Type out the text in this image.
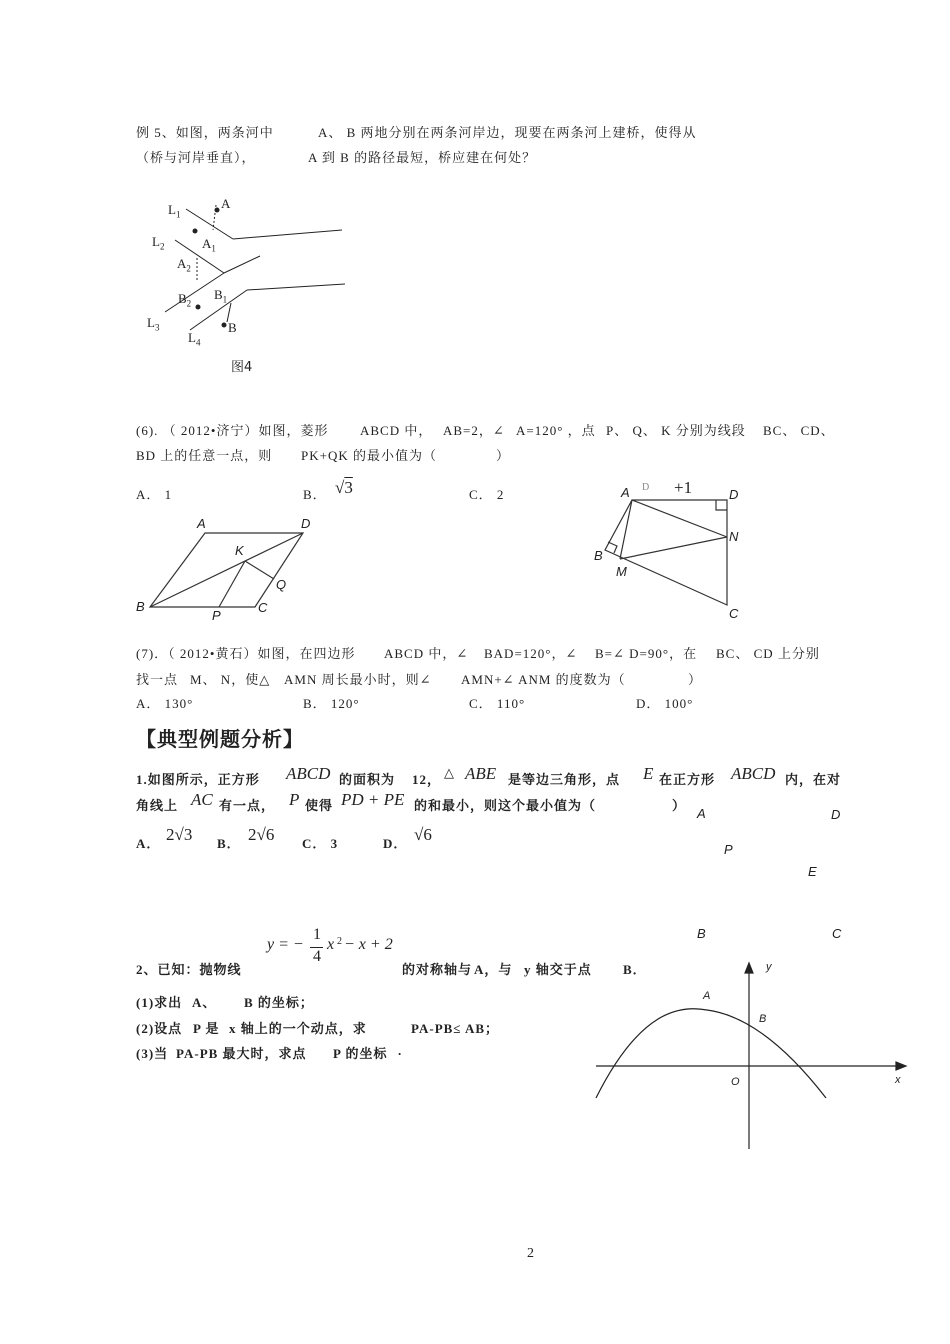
例 5、如图，两条河中	A、 B 两地分别在两条河岸边，现要在两条河上建桥，使得从
（桥与河岸垂直），	A 到 B 的路径最短，桥应建在何处？
$L_1$
A
$L_2$	$A_1$
$A_2$
$B_2$
$B_1$
$L_3$	B
$L_4$
图4
(6). （ 2012•济宁）如图，菱形 ABCD 中， AB=2，∠ A=120° ，点 P、 Q、 K 分别为线段 BC、 CD、
BD 上的任意一点，则 PK+QK 的最小值为（	）
A． 1	B． √3	C． 2	D +1
A	D
K
Q
B
P
C
A	D
N
B
M
C
(7)．（ 2012•黄石）如图，在四边形 ABCD 中，∠ BAD=120°，∠ B=∠ D=90°，在 BC、 CD 上分别
找一点 M、 N，使△ AMN 周长最小时，则∠ AMN+∠ ANM 的度数为（	）
A． 130°	B． 120°	C． 110°	D． 100°
【典型例题分析】
1.如图所示，正方形 ABCD 的面积为 12， △ ABE 是等边三角形，点 E 在正方形 ABCD 内，在对
角线上 AC 有一点， P 使得 PD + PE 的和最小，则这个最小值为（	）
A． 2√3 B． 2√6 C． 3	D． √6
A	D
P
E
B	C
y = −
1
4
x 2 − x + 2
2、已知：抛物线	的对称轴与 A，与 y 轴交于点 B．
(1)求出 A、 B 的坐标；
(2)设点 P 是 x 轴上的一个动点，求	PA-PB≤ AB；
(3)当 PA-PB 最大时，求点 P 的坐标 .
y
x
O
A
B
2
